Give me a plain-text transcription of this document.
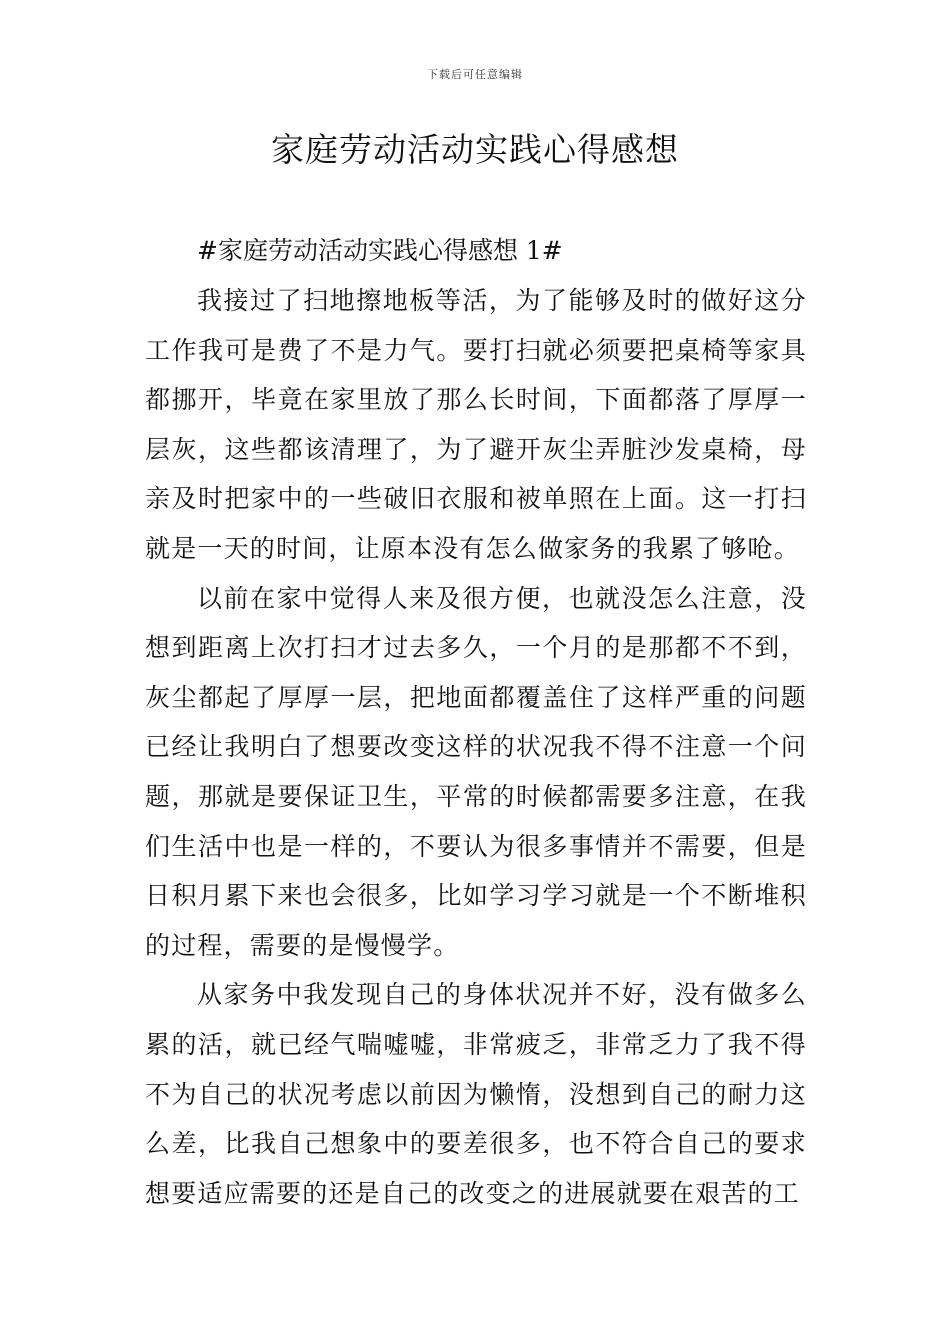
下载后可任意编辑
家庭劳动活动实践心得感想

#家庭劳动活动实践心得感想 1#

我接过了扫地擦地板等活，为了能够及时的做好这分工作我可是费了不是力气。要打扫就必须要把桌椅等家具都挪开，毕竟在家里放了那么长时间，下面都落了厚厚一层灰，这些都该清理了，为了避开灰尘弄脏沙发桌椅，母亲及时把家中的一些破旧衣服和被单照在上面。这一打扫就是一天的时间，让原本没有怎么做家务的我累了够呛。

以前在家中觉得人来及很方便，也就没怎么注意，没想到距离上次打扫才过去多久，一个月的是那都不不到，灰尘都起了厚厚一层，把地面都覆盖住了这样严重的问题已经让我明白了想要改变这样的状况我不得不注意一个问题，那就是要保证卫生，平常的时候都需要多注意，在我们生活中也是一样的，不要认为很多事情并不需要，但是日积月累下来也会很多，比如学习学习就是一个不断堆积的过程，需要的是慢慢学。

从家务中我发现自己的身体状况并不好，没有做多么累的活，就已经气喘嘘嘘，非常疲乏，非常乏力了我不得不为自己的状况考虑以前因为懒惰，没想到自己的耐力这么差，比我自己想象中的要差很多，也不符合自己的要求想要适应需要的还是自己的改变之的进展就要在艰苦的工
